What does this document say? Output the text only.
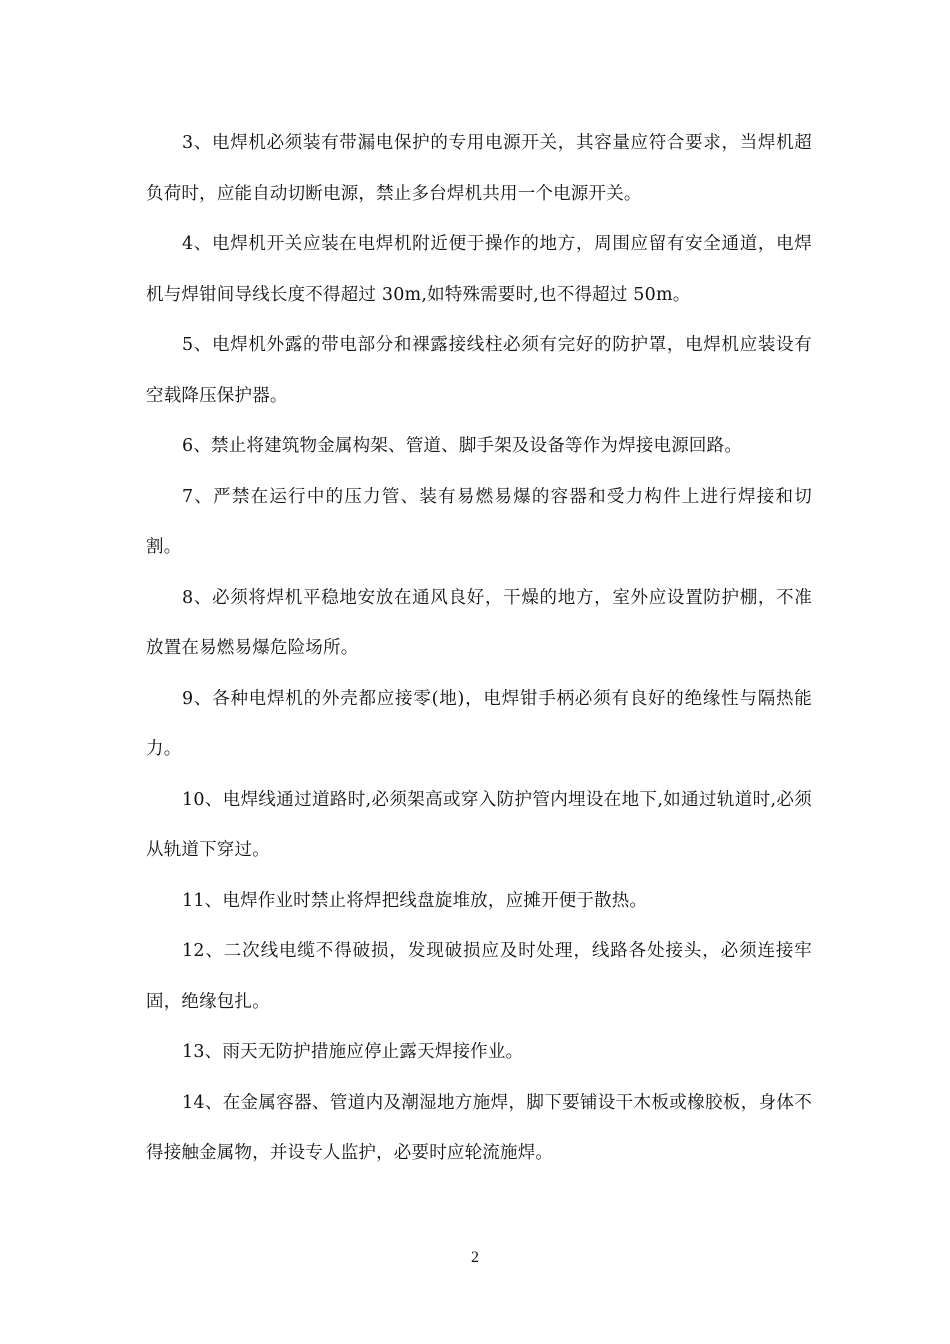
3、电焊机必须装有带漏电保护的专用电源开关，其容量应符合要求，当焊机超负荷时，应能自动切断电源，禁止多台焊机共用一个电源开关。

4、电焊机开关应装在电焊机附近便于操作的地方，周围应留有安全通道，电焊机与焊钳间导线长度不得超过 30m,如特殊需要时,也不得超过 50m。

5、电焊机外露的带电部分和裸露接线柱必须有完好的防护罩，电焊机应装设有空载降压保护器。

6、禁止将建筑物金属构架、管道、脚手架及设备等作为焊接电源回路。

7、严禁在运行中的压力管、装有易燃易爆的容器和受力构件上进行焊接和切割。

8、必须将焊机平稳地安放在通风良好，干燥的地方，室外应设置防护棚，不准放置在易燃易爆危险场所。

9、各种电焊机的外壳都应接零(地)，电焊钳手柄必须有良好的绝缘性与隔热能力。

10、电焊线通过道路时,必须架高或穿入防护管内埋设在地下,如通过轨道时,必须从轨道下穿过。

11、电焊作业时禁止将焊把线盘旋堆放，应摊开便于散热。

12、二次线电缆不得破损，发现破损应及时处理，线路各处接头，必须连接牢固，绝缘包扎。

13、雨天无防护措施应停止露天焊接作业。

14、在金属容器、管道内及潮湿地方施焊，脚下要铺设干木板或橡胶板，身体不得接触金属物，并设专人监护，必要时应轮流施焊。

2
